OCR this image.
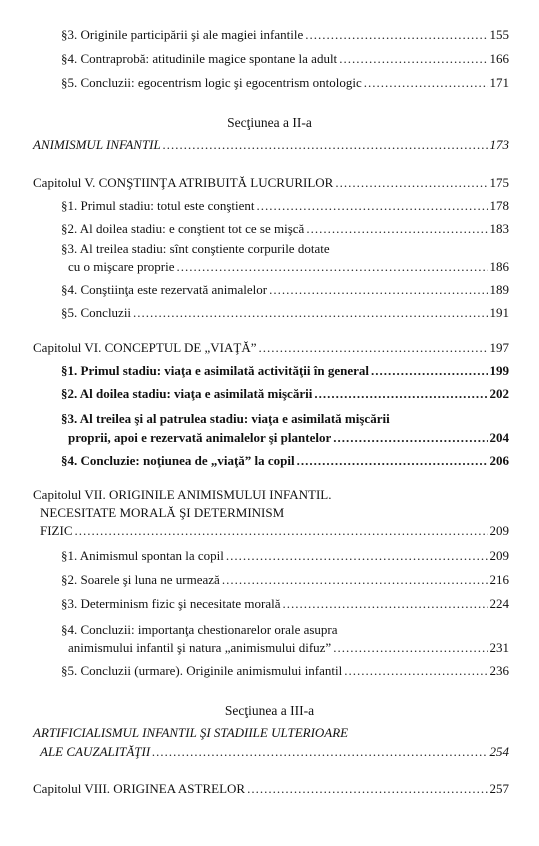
§3. Originile participării şi ale magiei infantile .....	155
§4. Contraprobă: atitudinile magice spontane la adult .....	166
§5. Concluzii: egocentrism logic şi egocentrism ontologic .....	171
Secţiunea a II-a
ANIMISMUL INFANTIL .....	173
Capitolul V. CONŞTIINŢA ATRIBUITĂ LUCRURILOR .....	175
§1. Primul stadiu: totul este conştient .....	178
§2. Al doilea stadiu: e conştient tot ce se mişcă .....	183
§3. Al treilea stadiu: sînt conştiente corpurile dotate
cu o mişcare proprie .....	186
§4. Conştiinţa este rezervată animalelor .....	189
§5. Concluzii .....	191
Capitolul VI. CONCEPTUL DE „VIAŢĂ” .....	197
§1. Primul stadiu: viaţa e asimilată activităţii în general .....	199
§2. Al doilea stadiu: viaţa e asimilată mişcării .....	202
§3. Al treilea şi al patrulea stadiu: viaţa e asimilată mişcării
proprii, apoi e rezervată animalelor şi plantelor .....	204
§4. Concluzie: noţiunea de „viaţă” la copil .....	206
Capitolul VII. ORIGINILE ANIMISMULUI INFANTIL.
NECESITATE MORALĂ ŞI DETERMINISM
FIZIC .....	209
§1. Animismul spontan la copil .....	209
§2. Soarele şi luna ne urmează .....	216
§3. Determinism fizic şi necesitate morală .....	224
§4. Concluzii: importanţa chestionarelor orale asupra
animismului infantil şi natura „animismului difuz” .....	231
§5. Concluzii (urmare). Originile animismului infantil .....	236
Secţiunea a III-a
ARTIFICIALISMUL INFANTIL ŞI STADIILE ULTERIOARE
ALE CAUZALITĂŢII .....	254
Capitolul VIII. ORIGINEA ASTRELOR .....	257
